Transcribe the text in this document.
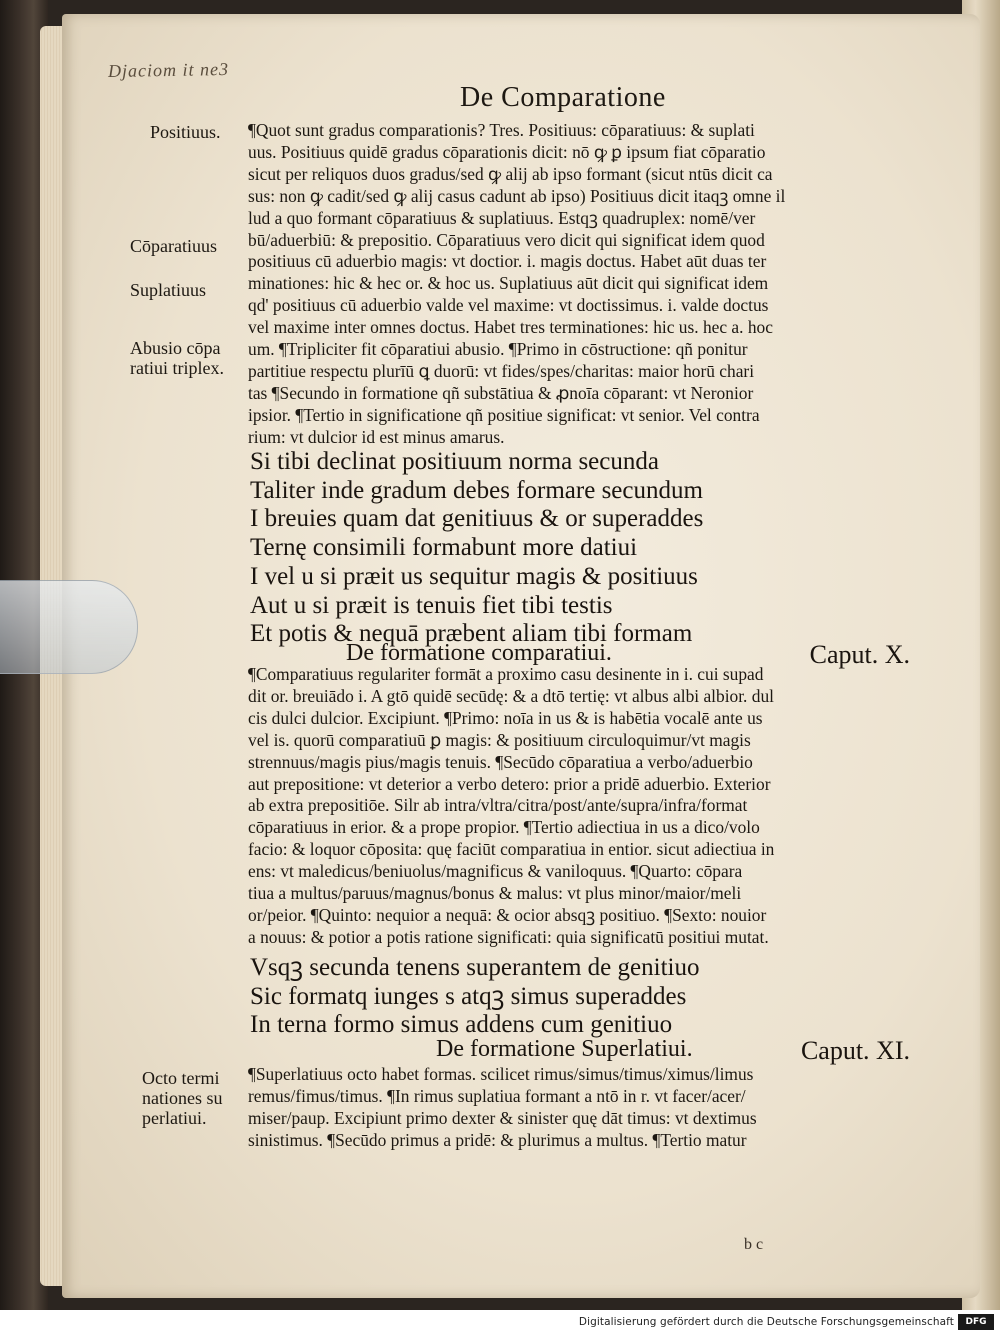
Djaciom it ne3
De Comparatione
Positiuus.
Cōparatiuus
Suplatiuus
Abusio cōpa
ratiui triplex.
Octo termi
nationes su
perlatiui.
¶Quot sunt gradus comparationis? Tres. Positiuus: cōparatiuus: & suplati
uus. Positiuus quidē gradus cōparationis dicit: nō ꝙ ꝑ ipsum fiat cōparatio
sicut per reliquos duos gradus/sed ꝙ alij ab ipso formant (sicut ntūs dicit ca
sus: non ꝙ cadit/sed ꝙ alij casus cadunt ab ipso) Positiuus dicit itaqꝫ omne il
lud a quo formant cōparatiuus & suplatiuus. Estqꝫ quadruplex: nomē/ver
bū/aduerbiū: & prepositio. Cōparatiuus vero dicit qui significat idem quod
positiuus cū aduerbio magis: vt doctior. i. magis doctus. Habet aūt duas ter
minationes: hic & hec or. & hoc us. Suplatiuus aūt dicit qui significat idem
qd' positiuus cū aduerbio valde vel maxime: vt doctissimus. i. valde doctus
vel maxime inter omnes doctus. Habet tres terminationes: hic us. hec a. hoc
um. ¶Tripliciter fit cōparatiui abusio. ¶Primo in cōstructione: qñ ponitur
partitiue respectu plurīū ꝗ duorū: vt fides/spes/charitas: maior horū chari
tas ¶Secundo in formatione qñ substātiua & ꝓnoīa cōparant: vt Neronior
ipsior. ¶Tertio in significatione qñ positiue significat: vt senior. Vel contra
rium: vt dulcior id est minus amarus.
Si tibi declinat positiuum norma secunda
Taliter inde gradum debes formare secundum
I breuies quam dat genitiuus & or superaddes
Ternę consimili formabunt more datiui
I vel u si præit us sequitur magis & positiuus
Aut u si præit is tenuis fiet tibi testis
Et potis & nequā præbent aliam tibi formam
De formatione comparatiui.	Caput. X.
¶Comparatiuus regulariter formāt a proximo casu desinente in i. cui supad
dit or. breuiādo i. A gtō quidē secūdę: & a dtō tertię: vt albus albi albior. dul
cis dulci dulcior. Excipiunt. ¶Primo: noīa in us & is habētia vocalē ante us
vel is. quorū comparatiuū ꝑ magis: & positiuum circuloquimur/vt magis
strennuus/magis pius/magis tenuis. ¶Secūdo cōparatiua a verbo/aduerbio
aut prepositione: vt deterior a verbo detero: prior a pridē aduerbio. Exterior
ab extra prepositiōe. Silr ab intra/vltra/citra/post/ante/supra/infra/format
cōparatiuus in erior. & a prope propior. ¶Tertio adiectiua in us a dico/volo
facio: & loquor cōposita: quę faciūt comparatiua in entior. sicut adiectiua in
ens: vt maledicus/beniuolus/magnificus & vaniloquus. ¶Quarto: cōpara
tiua a multus/paruus/magnus/bonus & malus: vt plus minor/maior/meli
or/peior. ¶Quinto: nequior a nequā: & ocior absqꝫ positiuo. ¶Sexto: nouior
a nouus: & potior a potis ratione significati: quia significatū positiui mutat.
Vsqꝫ secunda tenens superantem de genitiuo
Sic formatq iunges s atqꝫ simus superaddes
In terna formo simus addens cum genitiuo
De formatione Superlatiui.	Caput. XI.
¶Superlatiuus octo habet formas. scilicet rimus/simus/timus/ximus/limus
remus/fimus/timus. ¶In rimus suplatiua formant a ntō in r. vt facer/acer/
miser/paup. Excipiunt primo dexter & sinister quę dāt timus: vt dextimus
sinistimus. ¶Secūdo primus a pridē: & plurimus a multus. ¶Tertio matur
b c
Digitalisierung gefördert durch die Deutsche Forschungsgemeinschaft	DFG
